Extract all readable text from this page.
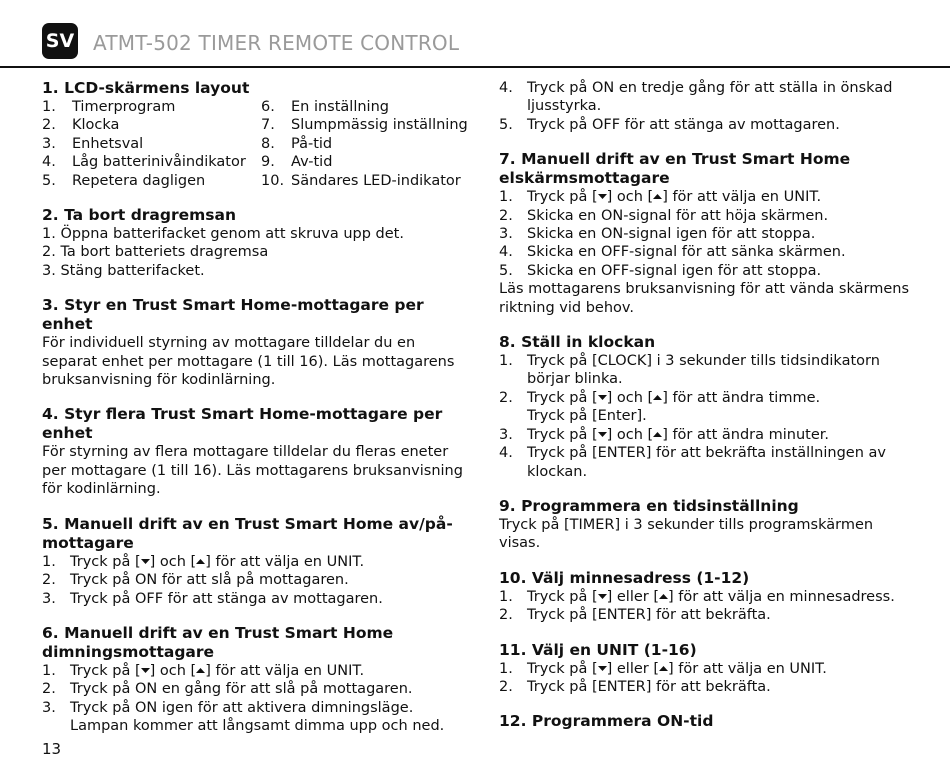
SV ATMT-502 TIMER REMOTE CONTROL
1. LCD-skärmens layout
1. Timerprogram
2. Klocka
3. Enhetsval
4. Låg batterinivåindikator
5. Repetera dagligen
6. En inställning
7. Slumpmässig inställning
8. På-tid
9. Av-tid
10. Sändares LED-indikator
2. Ta bort dragremsan

1. Öppna batterifacket genom att skruva upp det.

2. Ta bort batteriets dragremsa

3. Stäng batterifacket.

3. Styr en Trust Smart Home-mottagare per enhet

För individuell styrning av mottagare tilldelar du en separat enhet per mottagare (1 till 16). Läs mottagarens bruksanvisning för kodinlärning.

4. Styr flera Trust Smart Home-mottagare per enhet

För styrning av flera mottagare tilldelar du fleras eneter per mottagare (1 till 16). Läs mottagarens bruksanvisning för kodinlärning.

5. Manuell drift av en Trust Smart Home av/på-mottagare
1. Tryck på [ ] och [ ] för att välja en UNIT.
2. Tryck på ON för att slå på mottagaren.
3. Tryck på OFF för att stänga av mottagaren.
6. Manuell drift av en Trust Smart Home dimningsmottagare
1. Tryck på [ ] och [ ] för att välja en UNIT.
2. Tryck på ON en gång för att slå på mottagaren.
3. Tryck på ON igen för att aktivera dimningsläge. Lampan kommer att långsamt dimma upp och ned.
4. Tryck på ON en tredje gång för att ställa in önskad ljusstyrka.
5. Tryck på OFF för att stänga av mottagaren.
7. Manuell drift av en Trust Smart Home elskärmsmottagare
1. Tryck på [ ] och [ ] för att välja en UNIT.
2. Skicka en ON-signal för att höja skärmen.
3. Skicka en ON-signal igen för att stoppa.
4. Skicka en OFF-signal för att sänka skärmen.
5. Skicka en OFF-signal igen för att stoppa.

Läs mottagarens bruksanvisning för att vända skärmens riktning vid behov.

8. Ställ in klockan
1. Tryck på [CLOCK] i 3 sekunder tills tidsindikatorn börjar blinka.
2. Tryck på [ ] och [ ] för att ändra timme.
Tryck på [Enter].
3. Tryck på [ ] och [ ] för att ändra minuter.
4. Tryck på [ENTER] för att bekräfta inställningen av klockan.
9. Programmera en tidsinställning

Tryck på [TIMER] i 3 sekunder tills programskärmen visas.

10. Välj minnesadress (1-12)
1. Tryck på [ ] eller [ ] för att välja en minnesadress.
2. Tryck på [ENTER] för att bekräfta.
11. Välj en UNIT (1-16)
1. Tryck på [ ] eller [ ] för att välja en UNIT.
2. Tryck på [ENTER] för att bekräfta.
12. Programmera ON-tid
13
